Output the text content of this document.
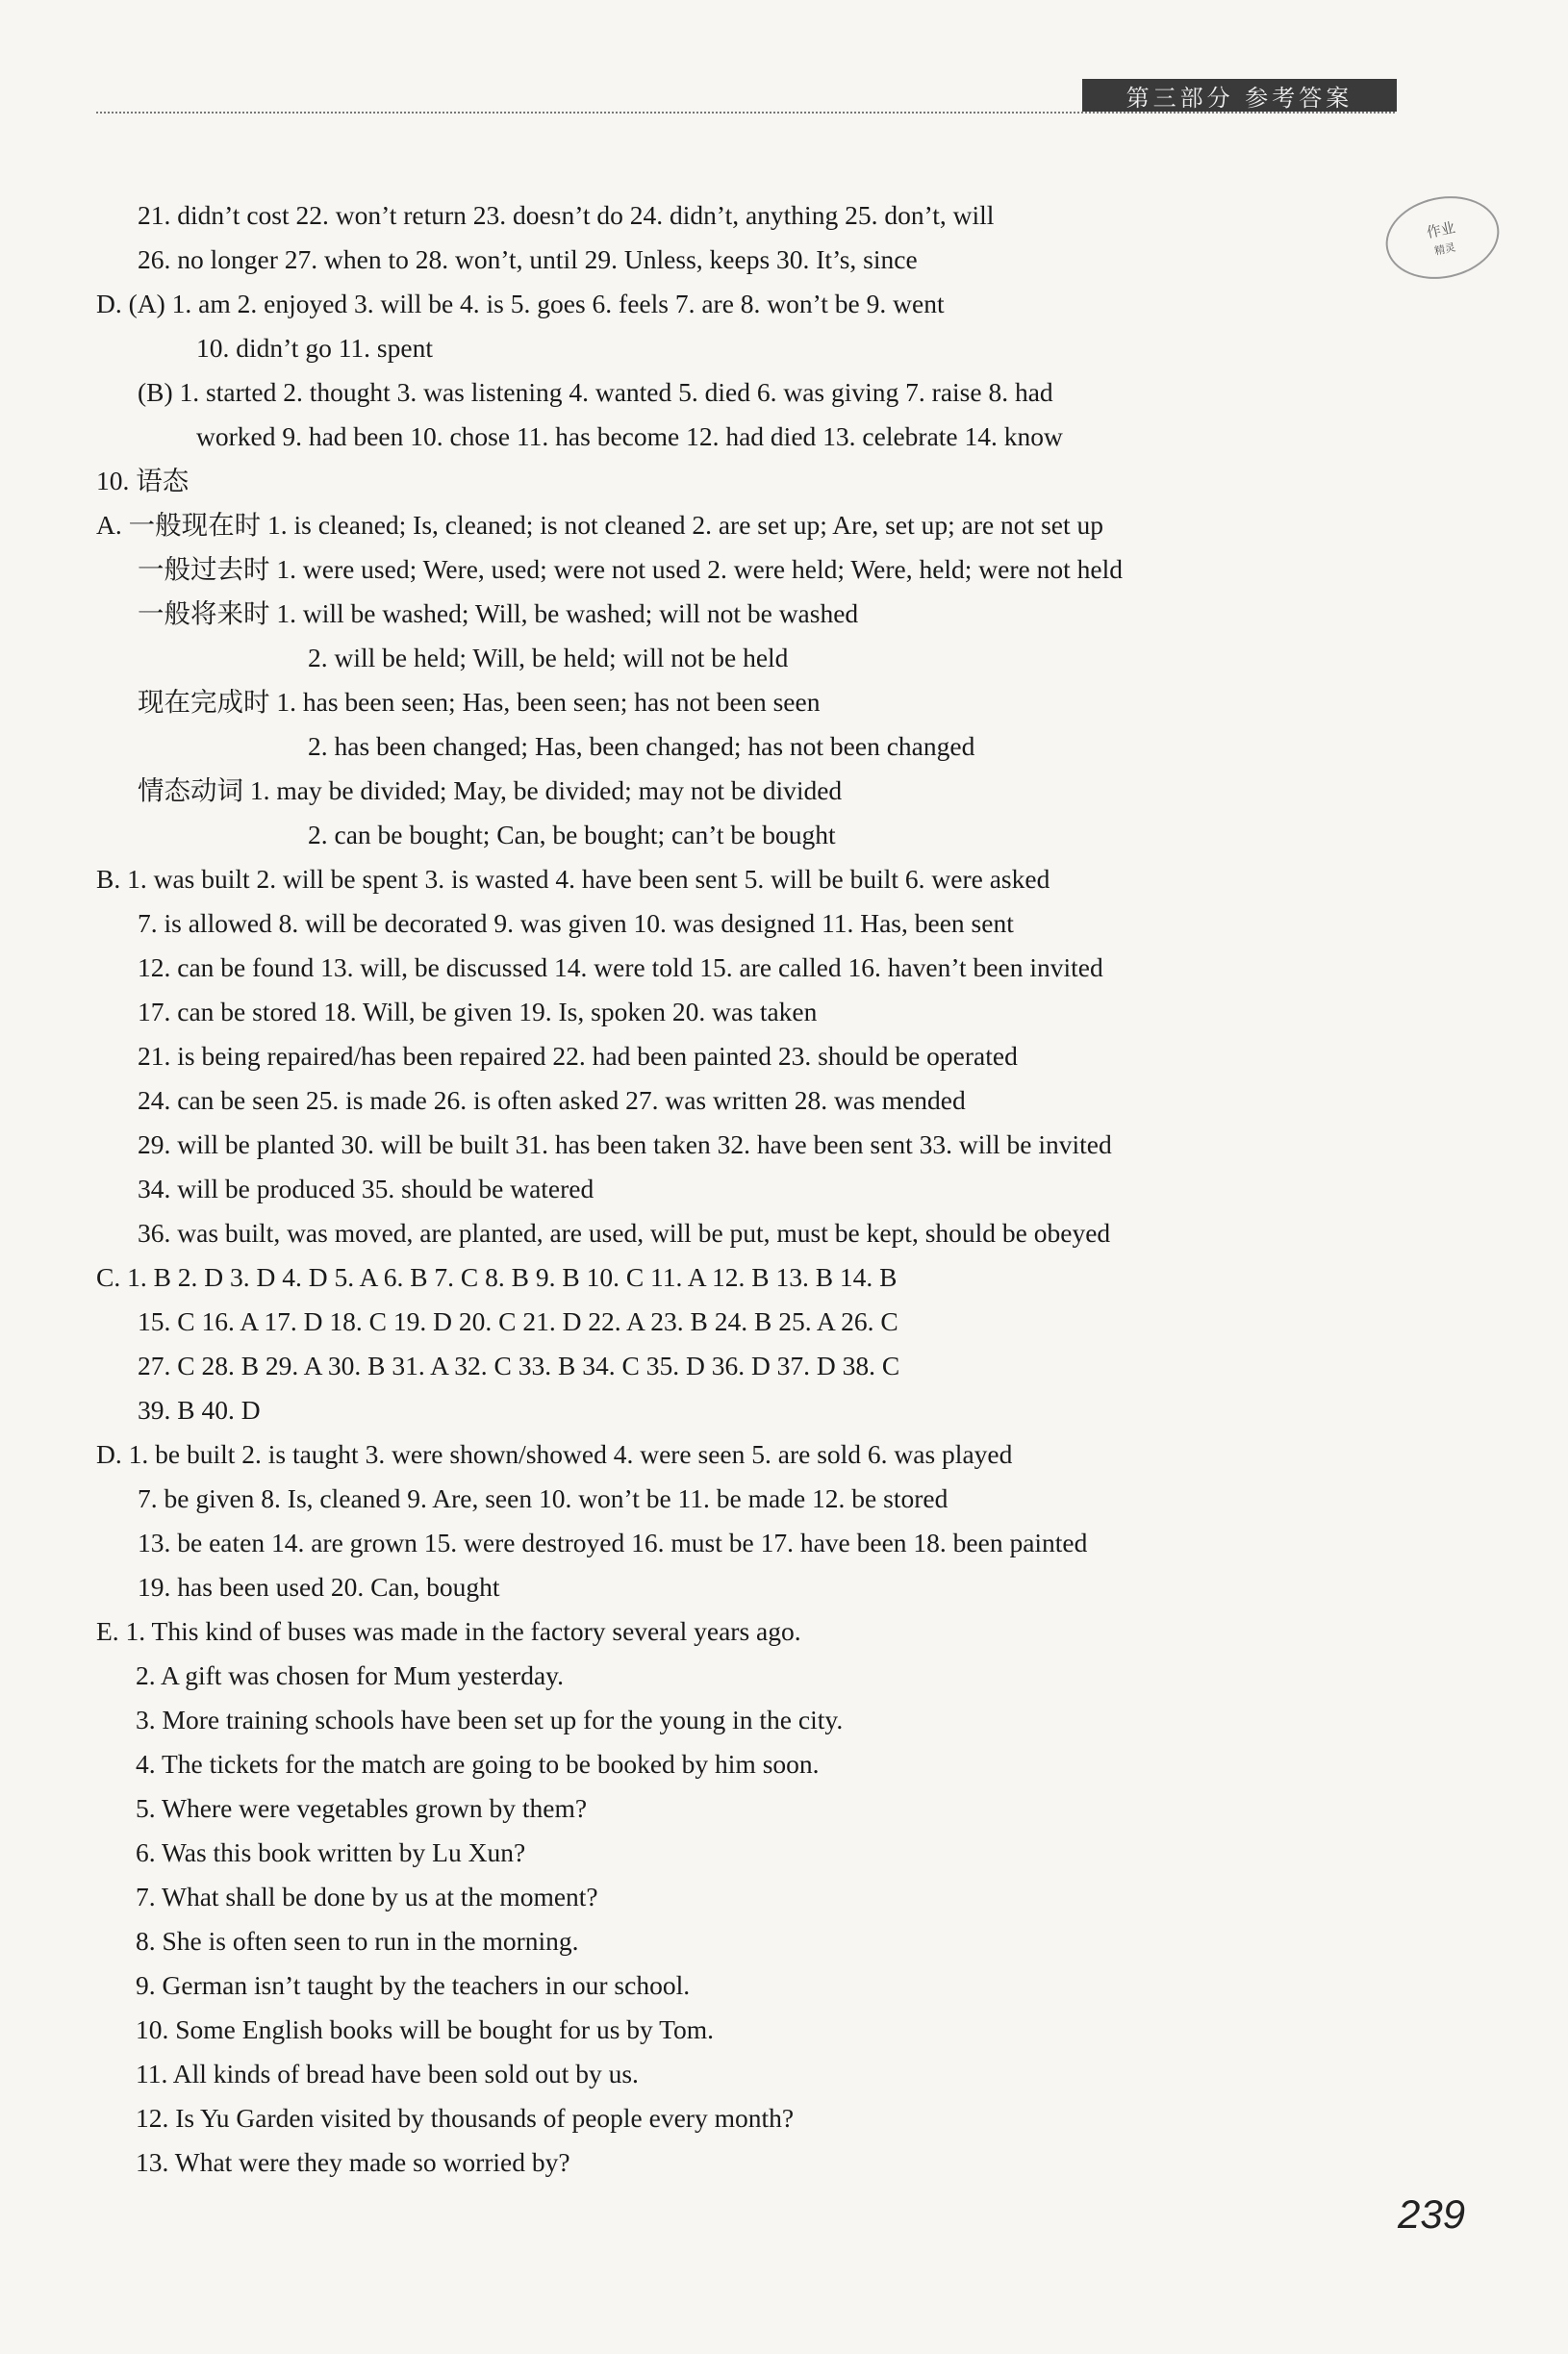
第三部分 参考答案
作业
精灵
21. didn’t cost 22. won’t return 23. doesn’t do 24. didn’t, anything 25. don’t, will
26. no longer 27. when to 28. won’t, until 29. Unless, keeps 30. It’s, since
D. (A) 1. am 2. enjoyed 3. will be 4. is 5. goes 6. feels 7. are 8. won’t be 9. went
10. didn’t go 11. spent
(B) 1. started 2. thought 3. was listening 4. wanted 5. died 6. was giving 7. raise 8. had
worked 9. had been 10. chose 11. has become 12. had died 13. celebrate 14. know
10. 语态
A. 一般现在时 1. is cleaned; Is, cleaned; is not cleaned 2. are set up; Are, set up; are not set up
一般过去时 1. were used; Were, used; were not used 2. were held; Were, held; were not held
一般将来时 1. will be washed; Will, be washed; will not be washed
2. will be held; Will, be held; will not be held
现在完成时 1. has been seen; Has, been seen; has not been seen
2. has been changed; Has, been changed; has not been changed
情态动词 1. may be divided; May, be divided; may not be divided
2. can be bought; Can, be bought; can’t be bought
B. 1. was built 2. will be spent 3. is wasted 4. have been sent 5. will be built 6. were asked
7. is allowed 8. will be decorated 9. was given 10. was designed 11. Has, been sent
12. can be found 13. will, be discussed 14. were told 15. are called 16. haven’t been invited
17. can be stored 18. Will, be given 19. Is, spoken 20. was taken
21. is being repaired/has been repaired 22. had been painted 23. should be operated
24. can be seen 25. is made 26. is often asked 27. was written 28. was mended
29. will be planted 30. will be built 31. has been taken 32. have been sent 33. will be invited
34. will be produced 35. should be watered
36. was built, was moved, are planted, are used, will be put, must be kept, should be obeyed
C. 1. B 2. D 3. D 4. D 5. A 6. B 7. C 8. B 9. B 10. C 11. A 12. B 13. B 14. B
15. C 16. A 17. D 18. C 19. D 20. C 21. D 22. A 23. B 24. B 25. A 26. C
27. C 28. B 29. A 30. B 31. A 32. C 33. B 34. C 35. D 36. D 37. D 38. C
39. B 40. D
D. 1. be built 2. is taught 3. were shown/showed 4. were seen 5. are sold 6. was played
7. be given 8. Is, cleaned 9. Are, seen 10. won’t be 11. be made 12. be stored
13. be eaten 14. are grown 15. were destroyed 16. must be 17. have been 18. been painted
19. has been used 20. Can, bought
E. 1. This kind of buses was made in the factory several years ago.
2. A gift was chosen for Mum yesterday.
3. More training schools have been set up for the young in the city.
4. The tickets for the match are going to be booked by him soon.
5. Where were vegetables grown by them?
6. Was this book written by Lu Xun?
7. What shall be done by us at the moment?
8. She is often seen to run in the morning.
9. German isn’t taught by the teachers in our school.
10. Some English books will be bought for us by Tom.
11. All kinds of bread have been sold out by us.
12. Is Yu Garden visited by thousands of people every month?
13. What were they made so worried by?
239
